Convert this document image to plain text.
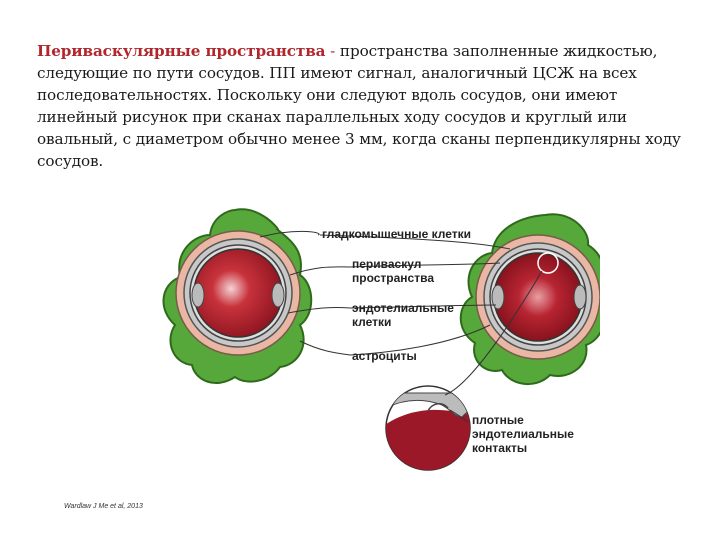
Периваскулярные пространства - пространства заполненные жидкостью, следующие по пути сосудов. ПП имеют сигнал, аналогичный ЦСЖ на всех последовательностях. Поскольку они следуют вдоль сосудов, они имеют линейный рисунок при сканах параллельных ходу сосудов и круглый или овальный, с диаметром обычно менее 3 мм, когда сканы перпендикулярны ходу сосудов.
гладкомышечные клетки
периваскул
пространства
эндотелиальные
клетки
астроциты
плотные
эндотелиальные
контакты
Wardlaw J Me et al, 2013
